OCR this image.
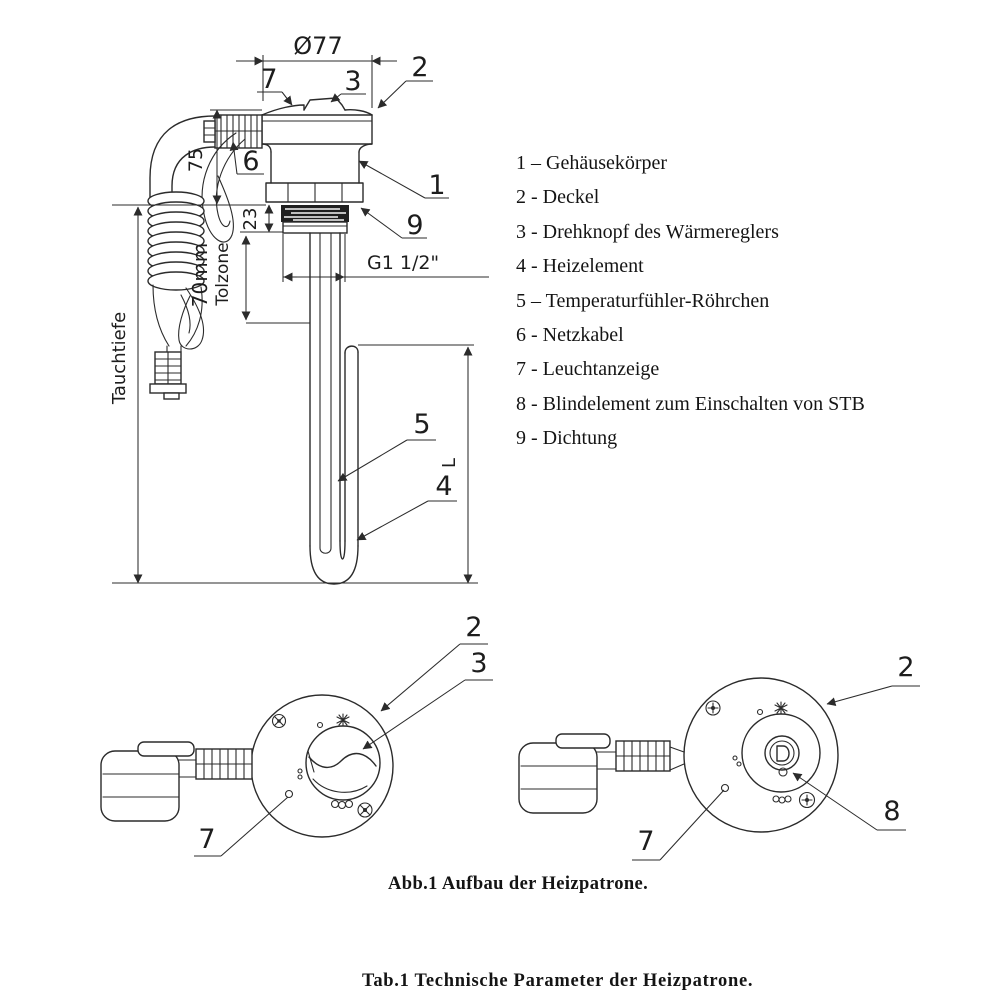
Ø77
75
23
70mm Tolzone
Tauchtiefe
G1 1/2"
L
7 3 2
6
1
9
5
4
2
3
7
2
8
7
1 – Gehäusekörper
2 - Deckel
3 - Drehknopf des Wärmereglers
4 - Heizelement
5 – Temperaturfühler-Röhrchen
6 - Netzkabel
7 - Leuchtanzeige
8 - Blindelement zum Einschalten von STB
9 - Dichtung
Abb.1 Aufbau der Heizpatrone.
Tab.1 Technische Parameter der Heizpatrone.
